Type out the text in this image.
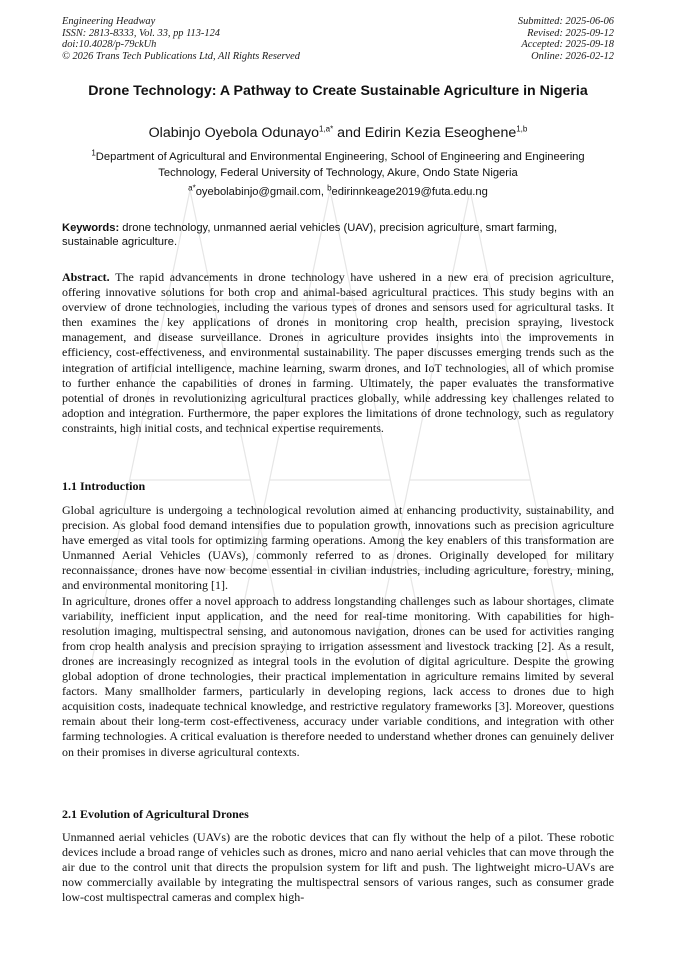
Engineering Headway
ISSN: 2813-8333, Vol. 33, pp 113-124
doi:10.4028/p-79ckUh
© 2026 Trans Tech Publications Ltd, All Rights Reserved
Submitted: 2025-06-06
Revised: 2025-09-12
Accepted: 2025-09-18
Online: 2026-02-12
Drone Technology: A Pathway to Create Sustainable Agriculture in Nigeria
Olabinjo Oyebola Odunayo$^{1,a*}$ and Edirin Kezia Eseoghene$^{1,b}$
$^1$Department of Agricultural and Environmental Engineering, School of Engineering and Engineering Technology, Federal University of Technology, Akure, Ondo State Nigeria
$^{a*}$oyebolabinjo@gmail.com, $^b$edirinnkeage2019@futa.edu.ng
Keywords: drone technology, unmanned aerial vehicles (UAV), precision agriculture, smart farming, sustainable agriculture.
Abstract. The rapid advancements in drone technology have ushered in a new era of precision agriculture, offering innovative solutions for both crop and animal-based agricultural practices. This study begins with an overview of drone technologies, including the various types of drones and sensors used for agricultural tasks. It then examines the key applications of drones in monitoring crop health, precision spraying, livestock management, and disease surveillance. Drones in agriculture provides insights into the improvements in efficiency, cost-effectiveness, and environmental sustainability. The paper discusses emerging trends such as the integration of artificial intelligence, machine learning, swarm drones, and IoT technologies, all of which promise to further enhance the capabilities of drones in farming. Ultimately, the paper evaluates the transformative potential of drones in revolutionizing agricultural practices globally, while addressing key challenges related to adoption and integration. Furthermore, the paper explores the limitations of drone technology, such as regulatory constraints, high initial costs, and technical expertise requirements.
1.1 Introduction

Global agriculture is undergoing a technological revolution aimed at enhancing productivity, sustainability, and precision. As global food demand intensifies due to population growth, innovations such as precision agriculture have emerged as vital tools for optimizing farming operations. Among the key enablers of this transformation are Unmanned Aerial Vehicles (UAVs), commonly referred to as drones. Originally developed for military reconnaissance, drones have now become essential in civilian industries, including agriculture, forestry, mining, and environmental monitoring [1].

In agriculture, drones offer a novel approach to address longstanding challenges such as labour shortages, climate variability, inefficient input application, and the need for real-time monitoring. With capabilities for high-resolution imaging, multispectral sensing, and autonomous navigation, drones can be used for activities ranging from crop health analysis and precision spraying to irrigation assessment and livestock tracking [2]. As a result, drones are increasingly recognized as integral tools in the evolution of digital agriculture. Despite the growing global adoption of drone technologies, their practical implementation in agriculture remains limited by several factors. Many smallholder farmers, particularly in developing regions, lack access to drones due to high acquisition costs, inadequate technical knowledge, and restrictive regulatory frameworks [3]. Moreover, questions remain about their long-term cost-effectiveness, accuracy under variable conditions, and integration with other farming technologies. A critical evaluation is therefore needed to understand whether drones can genuinely deliver on their promises in diverse agricultural contexts.

2.1 Evolution of Agricultural Drones

Unmanned aerial vehicles (UAVs) are the robotic devices that can fly without the help of a pilot. These robotic devices include a broad range of vehicles such as drones, micro and nano aerial vehicles that can move through the air due to the control unit that directs the propulsion system for lift and push. The lightweight micro-UAVs are now commercially available by integrating the multispectral sensors of various ranges, such as consumer grade low-cost multispectral cameras and complex high-
